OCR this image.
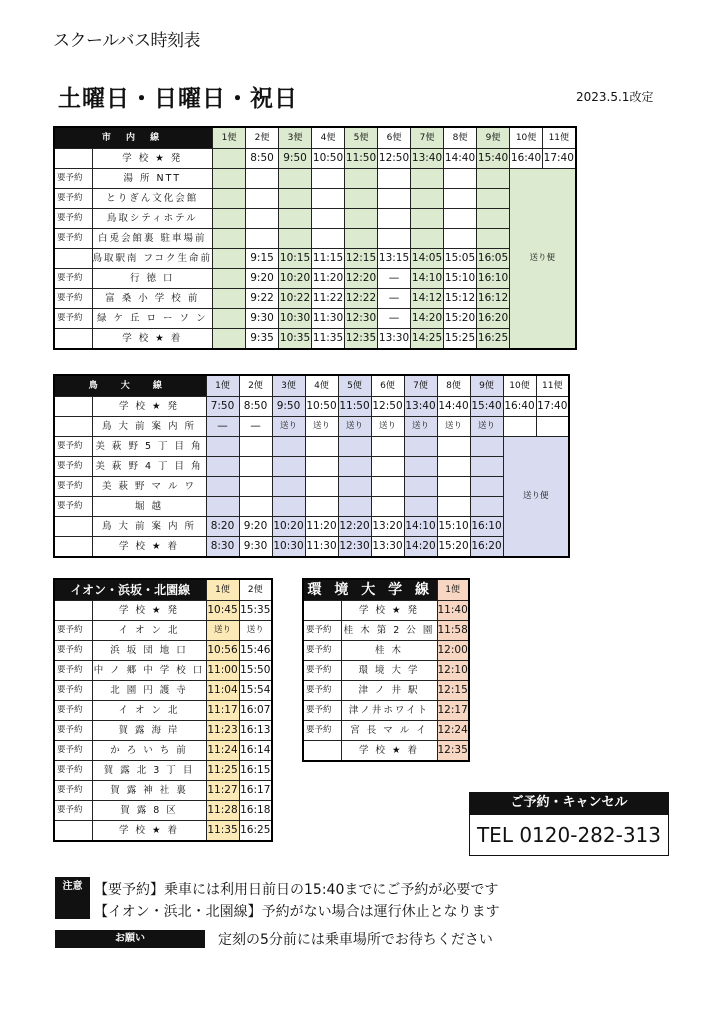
スクールバス時刻表
土曜日・日曜日・祝日	2023.5.1改定
市 内 線		1便	2便	3便	4便	5便	6便	7便	8便	9便	10便	11便
	学 校 ★ 発		8:50	9:50	10:50	11:50	12:50	13:40	14:40	15:40	16:40	17:40
要予約	湯 所 NTT										送り便	
要予約	とりぎん文化会館											
要予約	鳥取シティホテル											
要予約	白兎会館裏 駐車場前											
	鳥取駅南 フコク生命前		9:15	10:15	11:15	12:15	13:15	14:05	15:05	16:05		
要予約	行 徳 口		9:20	10:20	11:20	12:20	—	14:10	15:10	16:10		
要予約	富 桑 小 学 校 前		9:22	10:22	11:22	12:22	—	14:12	15:12	16:12		
要予約	緑 ケ 丘 ロ ー ソ ン		9:30	10:30	11:30	12:30	—	14:20	15:20	16:20		
	学 校 ★ 着		9:35	10:35	11:35	12:35	13:30	14:25	15:25	16:25		
鳥 大 線		1便	2便	3便	4便	5便	6便	7便	8便	9便	10便	11便
	学 校 ★ 発	7:50	8:50	9:50	10:50	11:50	12:50	13:40	14:40	15:40	16:40	17:40
	鳥 大 前 案 内 所	—	—	送り	送り	送り	送り	送り	送り	送り		
要予約	美 萩 野 5 丁 目 角										送り便	
要予約	美 萩 野 4 丁 目 角											
要予約	美 萩 野 マ ル ワ											
要予約	堀 越											
	鳥 大 前 案 内 所	8:20	9:20	10:20	11:20	12:20	13:20	14:10	15:10	16:10		
	学 校 ★ 着	8:30	9:30	10:30	11:30	12:30	13:30	14:20	15:20	16:20		
イオン・浜坂・北園線		1便	2便
	学 校 ★ 発	10:45	15:35
要予約	イ オ ン 北	送り	送り
要予約	浜 坂 団 地 口	10:56	15:46
要予約	中 ノ 郷 中 学 校 口	11:00	15:50
要予約	北 園 円 護 寺	11:04	15:54
要予約	イ オ ン 北	11:17	16:07
要予約	賀 露 海 岸	11:23	16:13
要予約	か ろ い ち 前	11:24	16:14
要予約	賀 露 北 3 丁 目	11:25	16:15
要予約	賀 露 神 社 裏	11:27	16:17
要予約	賀 露 8 区	11:28	16:18
	学 校 ★ 着	11:35	16:25
環 境 大 学 線		1便
	学 校 ★ 発	11:40
要予約	桂 木 第 2 公 園	11:58
要予約	桂 木	12:00
要予約	環 境 大 学	12:10
要予約	津 ノ 井 駅	12:15
要予約	津ノ井ホワイト	12:17
要予約	宮 長 マ ル イ	12:24
	学 校 ★ 着	12:35
ご予約・キャンセル
TEL 0120-282-313
注意 【要予約】乗車には利用日前日の15:40までにご予約が必要です
【イオン・浜北・北園線】予約がない場合は運行休止となります
お願い	定刻の5分前には乗車場所でお待ちください
